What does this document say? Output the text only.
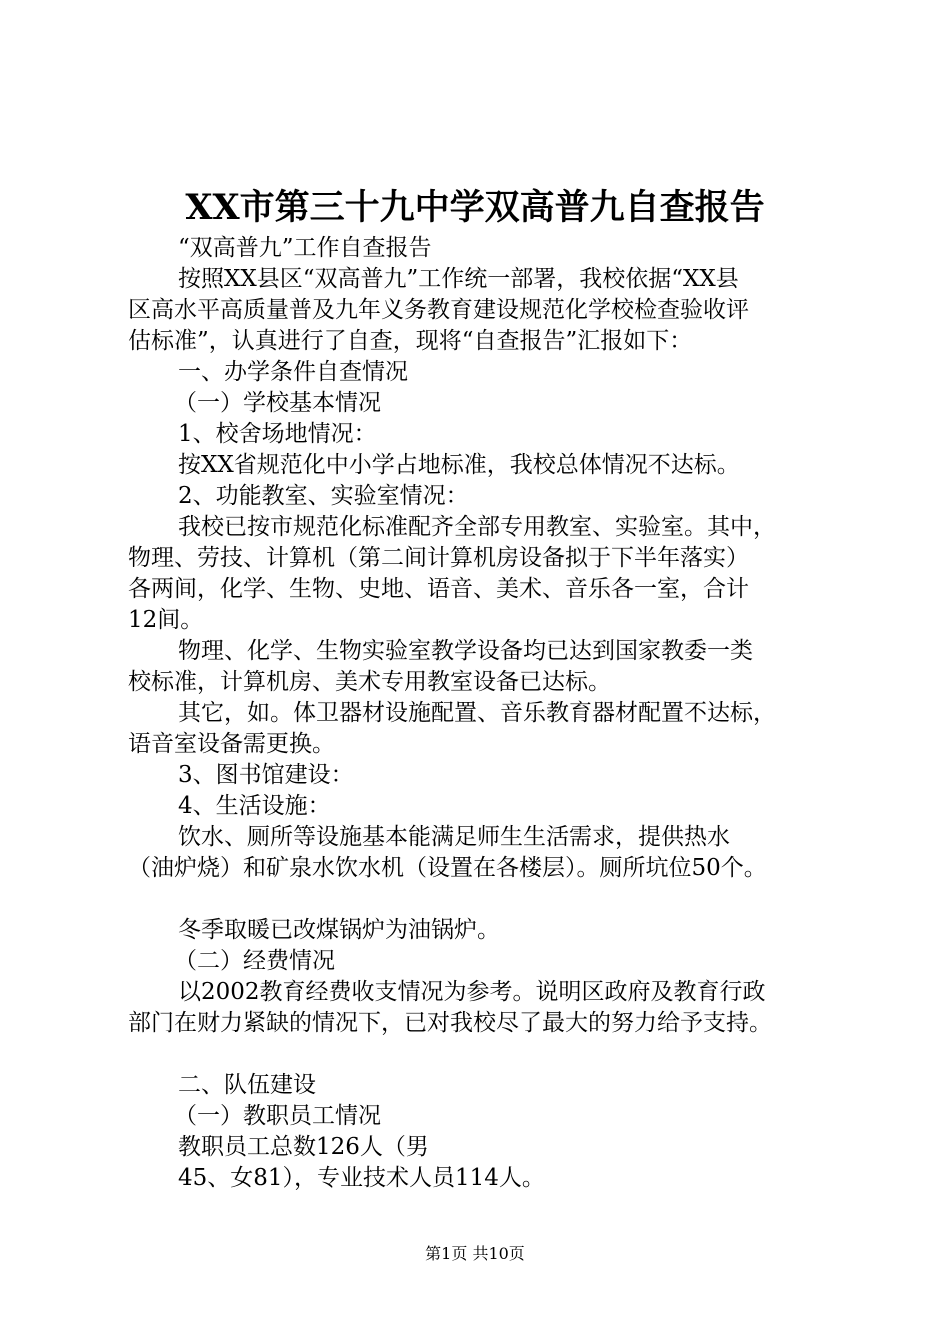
XX市第三十九中学双高普九自查报告
“双高普九”工作自查报告
按照XX县区“双高普九”工作统一部署，我校依据“XX县
区高水平高质量普及九年义务教育建设规范化学校检查验收评
估标准”，认真进行了自查，现将“自查报告”汇报如下：
一、办学条件自查情况
（一）学校基本情况
1、校舍场地情况：
按XX省规范化中小学占地标准，我校总体情况不达标。
2、功能教室、实验室情况：
我校已按市规范化标准配齐全部专用教室、实验室。其中，
物理、劳技、计算机（第二间计算机房设备拟于下半年落实）
各两间，化学、生物、史地、语音、美术、音乐各一室，合计
12间。
物理、化学、生物实验室教学设备均已达到国家教委一类
校标准，计算机房、美术专用教室设备已达标。
其它，如。体卫器材设施配置、音乐教育器材配置不达标，
语音室设备需更换。
3、图书馆建设：
4、生活设施：
饮水、厕所等设施基本能满足师生生活需求，提供热水
（油炉烧）和矿泉水饮水机（设置在各楼层）。厕所坑位50个。
冬季取暖已改煤锅炉为油锅炉。
（二）经费情况
以2002教育经费收支情况为参考。说明区政府及教育行政
部门在财力紧缺的情况下，已对我校尽了最大的努力给予支持。
二、队伍建设
（一）教职员工情况
教职员工总数126人（男
45、女81），专业技术人员114人。
第1页 共10页
